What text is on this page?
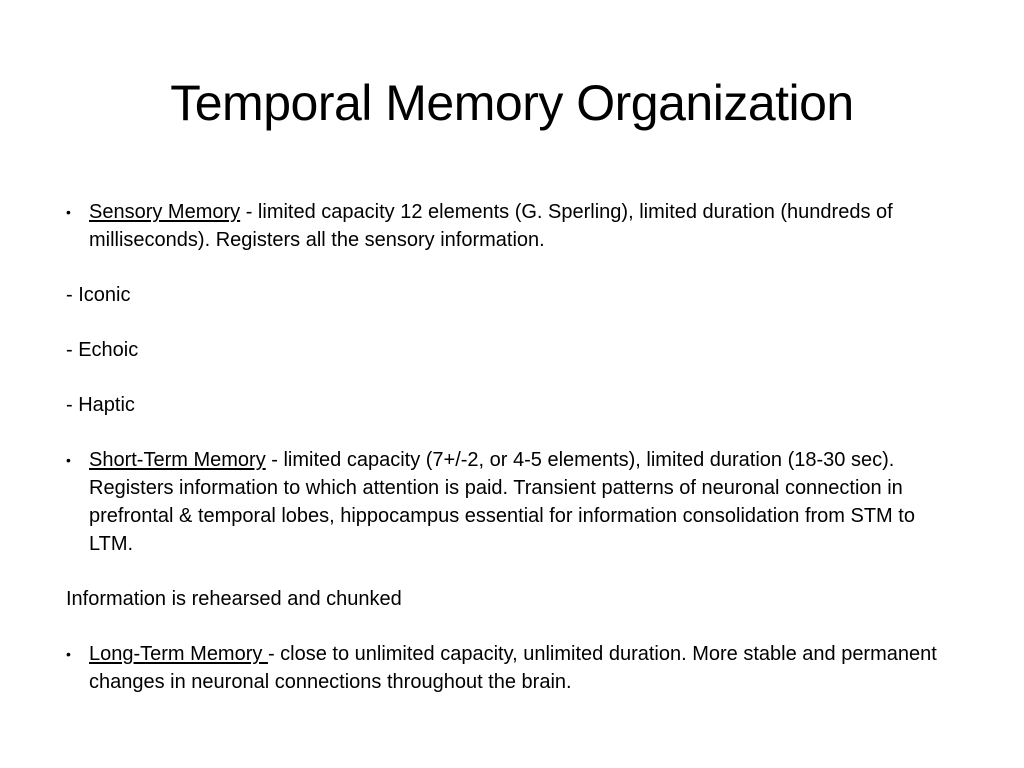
Temporal Memory Organization

• Sensory Memory - limited capacity 12 elements (G. Sperling), limited duration (hundreds of milliseconds). Registers all the sensory information.

- Iconic

- Echoic

- Haptic

• Short-Term Memory - limited capacity (7+/-2, or 4-5 elements), limited duration (18-30 sec). Registers information to which attention is paid. Transient patterns of neuronal connection in prefrontal & temporal lobes, hippocampus essential for information consolidation from STM to LTM.

Information is rehearsed and chunked

• Long-Term Memory - close to unlimited capacity, unlimited duration. More stable and permanent changes in neuronal connections throughout the brain.
